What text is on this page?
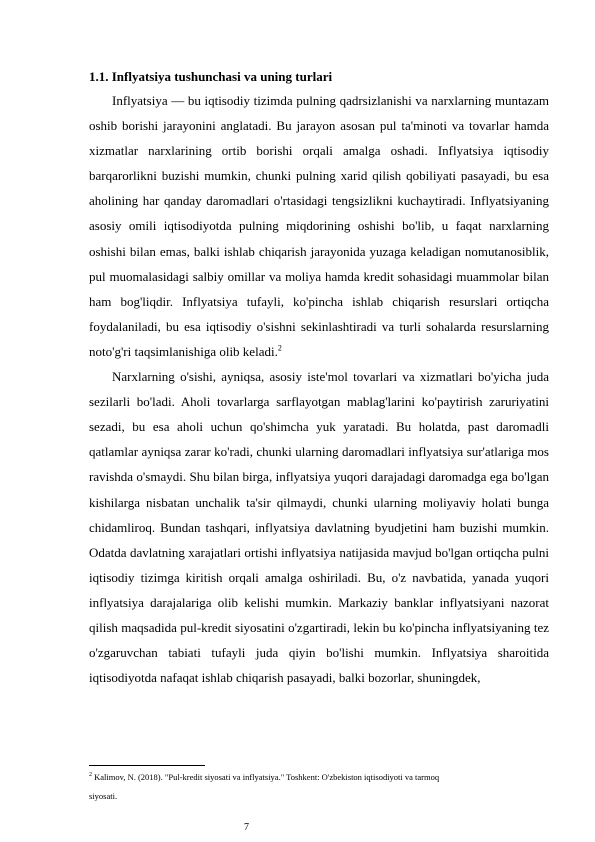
1.1. Inflyatsiya tushunchasi va uning turlari

Inflyatsiya — bu iqtisodiy tizimda pulning qadrsizlanishi va narxlarning muntazam oshib borishi jarayonini anglatadi. Bu jarayon asosan pul ta'minoti va tovarlar hamda xizmatlar narxlarining ortib borishi orqali amalga oshadi. Inflyatsiya iqtisodiy barqarorlikni buzishi mumkin, chunki pulning xarid qilish qobiliyati pasayadi, bu esa aholining har qanday daromadlari o'rtasidagi tengsizlikni kuchaytiradi. Inflyatsiyaning asosiy omili iqtisodiyotda pulning miqdorining oshishi bo'lib, u faqat narxlarning oshishi bilan emas, balki ishlab chiqarish jarayonida yuzaga keladigan nomutanosiblik, pul muomalasidagi salbiy omillar va moliya hamda kredit sohasidagi muammolar bilan ham bog'liqdir. Inflyatsiya tufayli, ko'pincha ishlab chiqarish resurslari ortiqcha foydalaniladi, bu esa iqtisodiy o'sishni sekinlashtiradi va turli sohalarda resurslarning noto'g'ri taqsimlanishiga olib keladi.$^2$

Narxlarning o'sishi, ayniqsa, asosiy iste'mol tovarlari va xizmatlari bo'yicha juda sezilarli bo'ladi. Aholi tovarlarga sarflayotgan mablag'larini ko'paytirish zaruriyatini sezadi, bu esa aholi uchun qo'shimcha yuk yaratadi. Bu holatda, past daromadli qatlamlar ayniqsa zarar ko'radi, chunki ularning daromadlari inflyatsiya sur'atlariga mos ravishda o'smaydi. Shu bilan birga, inflyatsiya yuqori darajadagi daromadga ega bo'lgan kishilarga nisbatan unchalik ta'sir qilmaydi, chunki ularning moliyaviy holati bunga chidamliroq. Bundan tashqari, inflyatsiya davlatning byudjetini ham buzishi mumkin. Odatda davlatning xarajatlari ortishi inflyatsiya natijasida mavjud bo'lgan ortiqcha pulni iqtisodiy tizimga kiritish orqali amalga oshiriladi. Bu, o'z navbatida, yanada yuqori inflyatsiya darajalariga olib kelishi mumkin. Markaziy banklar inflyatsiyani nazorat qilish maqsadida pul-kredit siyosatini o'zgartiradi, lekin bu ko'pincha inflyatsiyaning tez o'zgaruvchan tabiati tufayli juda qiyin bo'lishi mumkin. Inflyatsiya sharoitida iqtisodiyotda nafaqat ishlab chiqarish pasayadi, balki bozorlar, shuningdek,

$^2$ Kalimov, N. (2018). "Pul-kredit siyosati va inflyatsiya." Toshkent: O'zbekiston iqtisodiyoti va tarmoq
siyosati.
7
